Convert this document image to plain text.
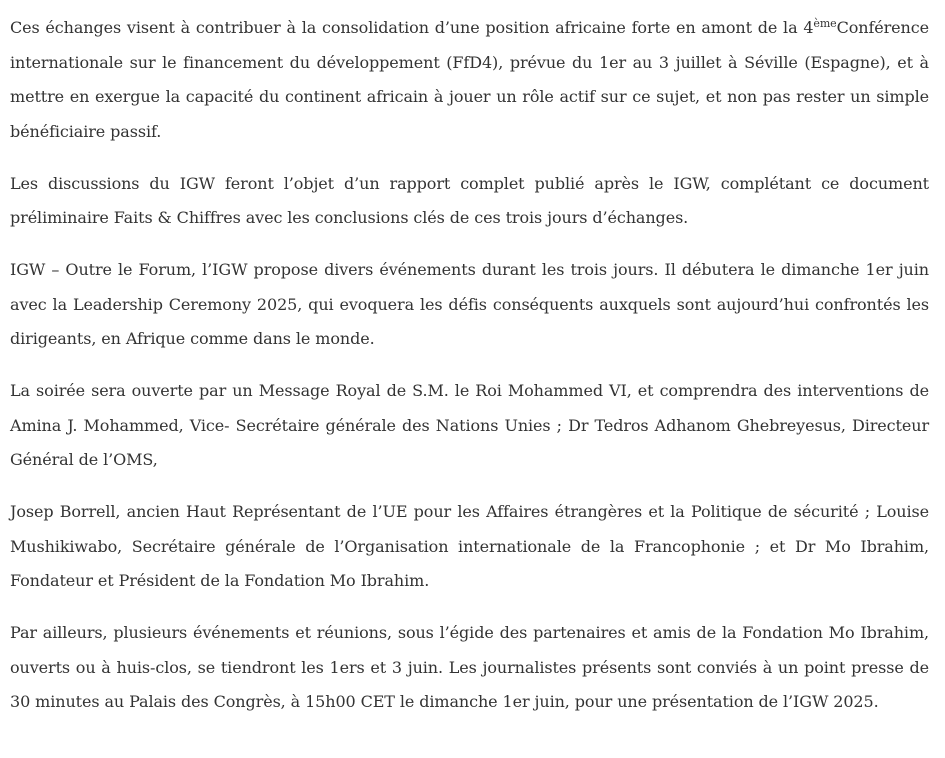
Ces échanges visent à contribuer à la consolidation d’une position africaine forte en amont de la 4èmeConférence internationale sur le financement du développement (FfD4), prévue du 1er au 3 juillet à Séville (Espagne), et à mettre en exergue la capacité du continent africain à jouer un rôle actif sur ce sujet, et non pas rester un simple bénéficiaire passif.

Les discussions du IGW feront l’objet d’un rapport complet publié après le IGW, complétant ce document préliminaire Faits & Chiffres avec les conclusions clés de ces trois jours d’échanges.

IGW – Outre le Forum, l’IGW propose divers événements durant les trois jours. Il débutera le dimanche 1er juin avec la Leadership Ceremony 2025, qui evoquera les défis conséquents auxquels sont aujourd’hui confrontés les dirigeants, en Afrique comme dans le monde.

La soirée sera ouverte par un Message Royal de S.M. le Roi Mohammed VI, et comprendra des interventions de Amina J. Mohammed, Vice- Secrétaire générale des Nations Unies ; Dr Tedros Adhanom Ghebreyesus, Directeur Général de l’OMS,

Josep Borrell, ancien Haut Représentant de l’UE pour les Affaires étrangères et la Politique de sécurité ; Louise Mushikiwabo, Secrétaire générale de l’Organisation internationale de la Francophonie ; et Dr Mo Ibrahim, Fondateur et Président de la Fondation Mo Ibrahim.

Par ailleurs, plusieurs événements et réunions, sous l’égide des partenaires et amis de la Fondation Mo Ibrahim, ouverts ou à huis-clos, se tiendront les 1ers et 3 juin. Les journalistes présents sont conviés à un point presse de 30 minutes au Palais des Congrès, à 15h00 CET le dimanche 1er juin, pour une présentation de l’IGW 2025.
